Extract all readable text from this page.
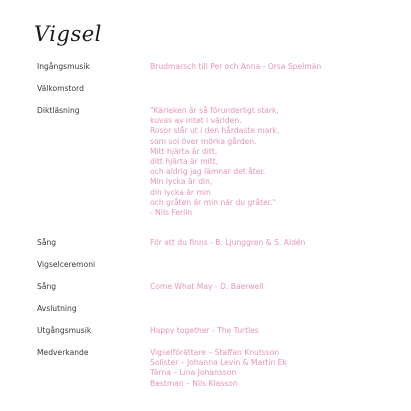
Vigsel
Ingångsmusik	Brudmarsch till Per och Anna - Orsa Spelmän
Välkomstord
Diktläsning	"Kärleken är så förunderligt stark,
kuvas av intet i världen.
Rosor slår ut i den hårdaste mark,
som sol över mörka gården.
Mitt hjärta är ditt,
ditt hjärta är mitt,
och aldrig jag lämnar det åter.
Min lycka är din,
din lycka är min
och gråten är min när du gråter."
- Nils Ferlin
Sång	För att du finns - B. Ljunggren & S. Aldén
Vigselceremoni
Sång	Come What May - D. Baerwell
Avslutning
Utgångsmusik	Happy together - The Turtles
Medverkande	Vigselförättare – Staffan Knutsson
Solister – Johanna Levin & Martin Ek
Tärna – Lina Johansson
Bestman – Nils Klasson
